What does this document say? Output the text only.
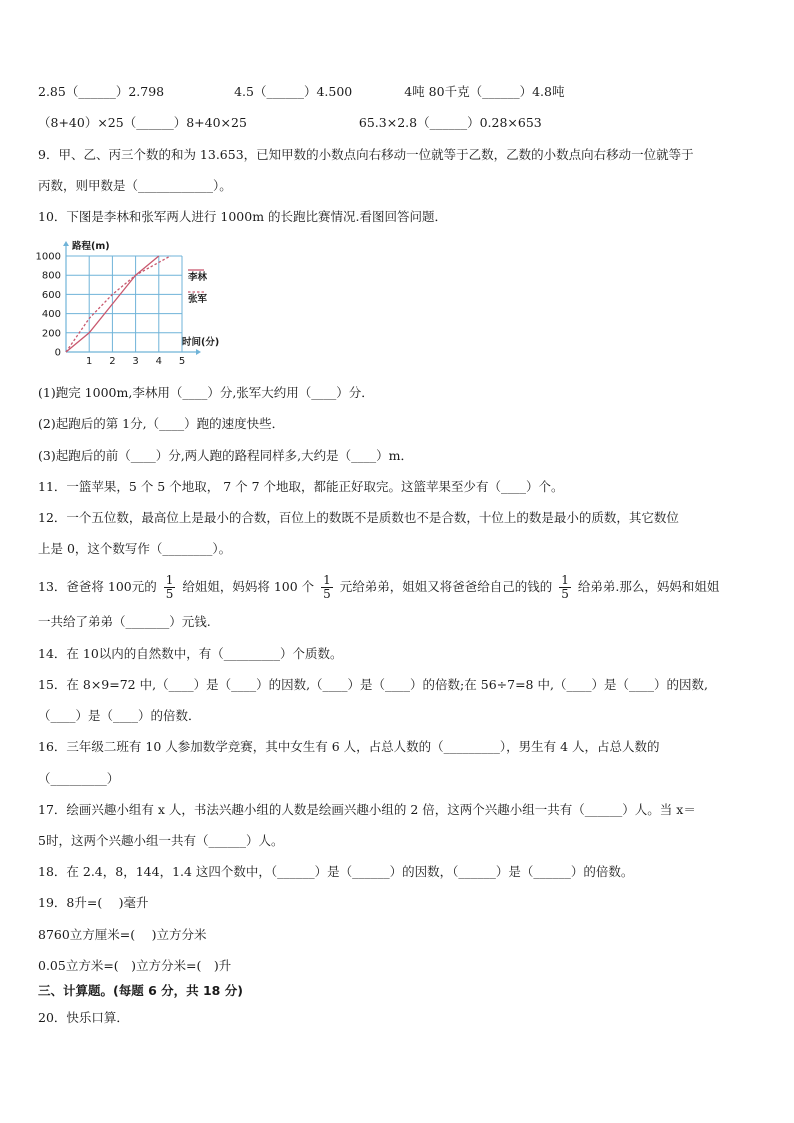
2.85（______）2.798	4.5（______）4.500	4吨 80千克（______）4.8吨
（8+40）×25（______）8+40×25	65.3×2.8（______）0.28×653
9．甲、乙、丙三个数的和为 13.653，已知甲数的小数点向右移动一位就等于乙数，乙数的小数点向右移动一位就等于
丙数，则甲数是（____________）。
10．下图是李林和张军两人进行 1000m 的长跑比赛情况.看图回答问题．
1 2 3 4 5
0
200
400
600
800
1000
路程(m)
时间(分)
李林
张军
(1)跑完 1000m,李林用（____）分,张军大约用（____）分．
(2)起跑后的第 1分,（____）跑的速度快些．
(3)起跑后的前（____）分,两人跑的路程同样多,大约是（____）m．
11．一篮苹果，5 个 5 个地取， 7 个 7 个地取，都能正好取完。这篮苹果至少有（____）个。
12．一个五位数，最高位上是最小的合数，百位上的数既不是质数也不是合数，十位上的数是最小的质数，其它数位
上是 0，这个数写作（________）。
13．爸爸将 100元的 $\frac{1}{5}$ 给姐姐，妈妈将 100 个 $\frac{1}{5}$ 元给弟弟，姐姐又将爸爸给自己的钱的 $\frac{1}{5}$ 给弟弟.那么，妈妈和姐姐
一共给了弟弟（_______）元钱.
14．在 10以内的自然数中，有（_________）个质数。
15．在 8×9=72 中,（____）是（____）的因数,（____）是（____）的倍数;在 56÷7=8 中,（____）是（____）的因数,
（____）是（____）的倍数．
16．三年级二班有 10 人参加数学竞赛，其中女生有 6 人，占总人数的（_________），男生有 4 人，占总人数的
（_________）
17．绘画兴趣小组有 x 人，书法兴趣小组的人数是绘画兴趣小组的 2 倍，这两个兴趣小组一共有（______）人。当 x＝
5时，这两个兴趣小组一共有（______）人。
18．在 2.4，8，144，1.4 这四个数中，（______）是（______）的因数，（______）是（______）的倍数。
19．8升=(　 )毫升
8760立方厘米=(　 )立方分米
0.05立方米=(　)立方分米=(　)升
三、计算题。(每题 6 分，共 18 分)
20．快乐口算．
